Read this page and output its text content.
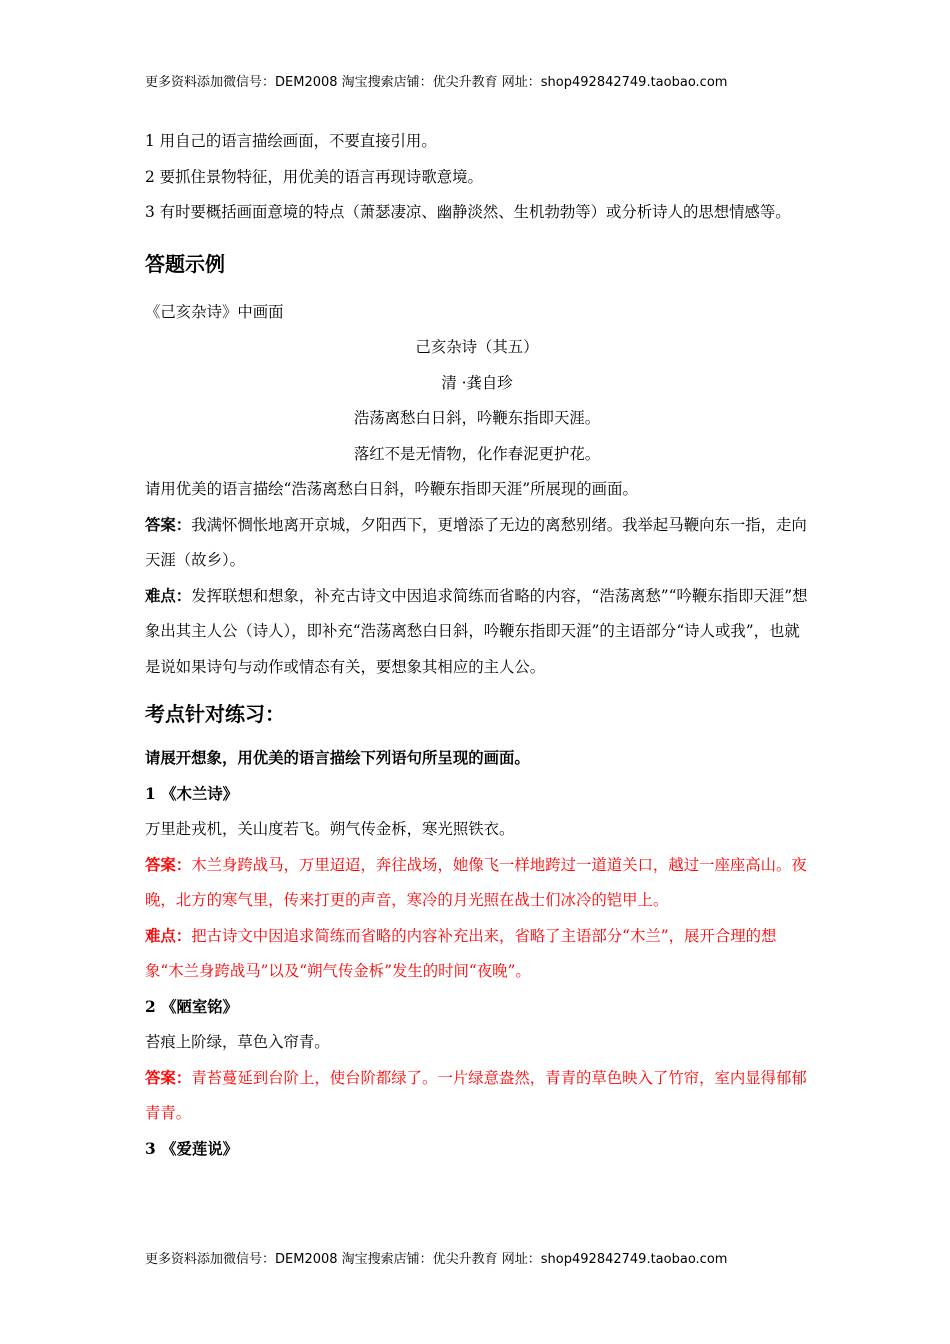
更多资料添加微信号：DEM2008 淘宝搜索店铺：优尖升教育 网址：shop492842749.taobao.com

1 用自己的语言描绘画面，不要直接引用。

2 要抓住景物特征，用优美的语言再现诗歌意境。

3 有时要概括画面意境的特点（萧瑟凄凉、幽静淡然、生机勃勃等）或分析诗人的思想情感等。

答题示例

《己亥杂诗》中画面

己亥杂诗（其五）

清 ·龚自珍

浩荡离愁白日斜，吟鞭东指即天涯。

落红不是无情物，化作春泥更护花。

请用优美的语言描绘“浩荡离愁白日斜，吟鞭东指即天涯”所展现的画面。

答案：我满怀惆怅地离开京城，夕阳西下，更增添了无边的离愁别绪。我举起马鞭向东一指，走向天涯（故乡）。

难点：发挥联想和想象，补充古诗文中因追求简练而省略的内容，“浩荡离愁”“吟鞭东指即天涯”想象出其主人公（诗人），即补充“浩荡离愁白日斜，吟鞭东指即天涯”的主语部分“诗人或我”，也就是说如果诗句与动作或情态有关，要想象其相应的主人公。

考点针对练习：

请展开想象，用优美的语言描绘下列语句所呈现的画面。

1 《木兰诗》

万里赴戎机，关山度若飞。朔气传金柝，寒光照铁衣。

答案：木兰身跨战马，万里迢迢，奔往战场，她像飞一样地跨过一道道关口，越过一座座高山。夜晚，北方的寒气里，传来打更的声音，寒冷的月光照在战士们冰冷的铠甲上。

难点：把古诗文中因追求简练而省略的内容补充出来，省略了主语部分“木兰”，展开合理的想象“木兰身跨战马”以及“朔气传金柝”发生的时间“夜晚”。

2 《陋室铭》

苔痕上阶绿，草色入帘青。

答案：青苔蔓延到台阶上，使台阶都绿了。一片绿意盎然，青青的草色映入了竹帘，室内显得郁郁青青。

3 《爱莲说》

更多资料添加微信号：DEM2008 淘宝搜索店铺：优尖升教育 网址：shop492842749.taobao.com
